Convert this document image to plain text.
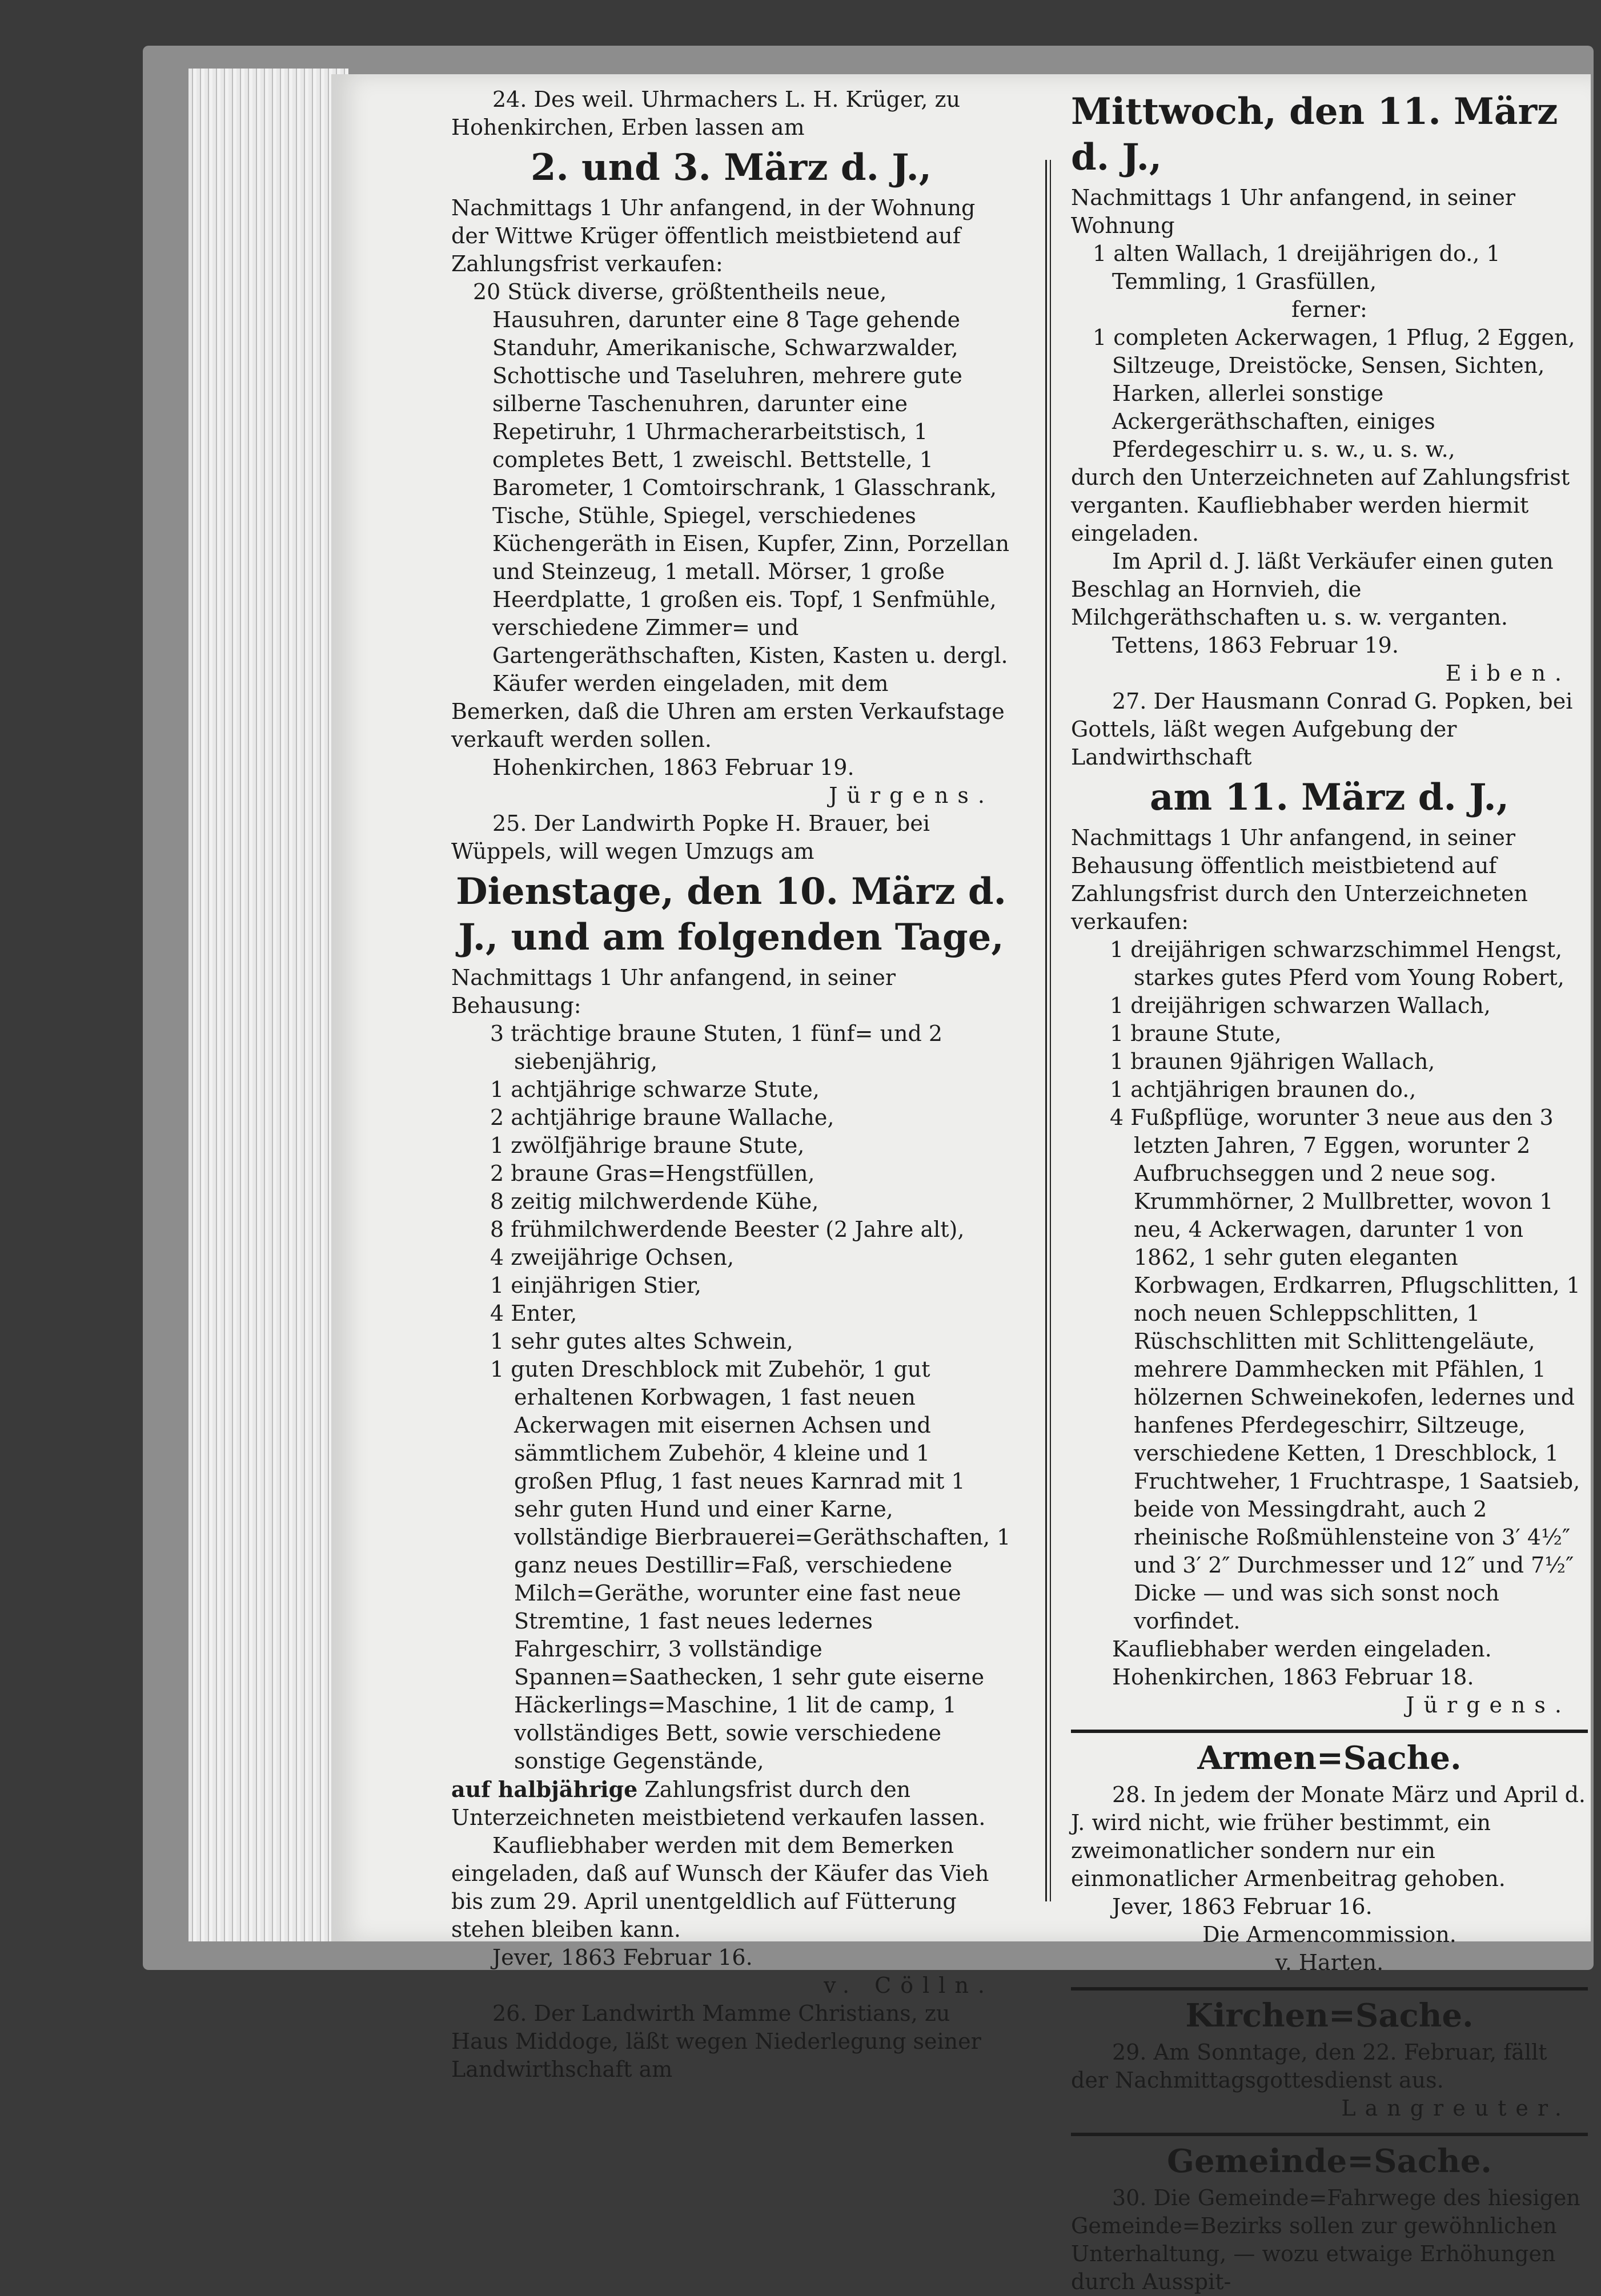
24. Des weil. Uhrmachers L. H. Krüger, zu Hohenkirchen, Erben lassen am

2. und 3. März d. J.,

Nachmittags 1 Uhr anfangend, in der Wohnung der Wittwe Krüger öffentlich meistbietend auf Zahlungsfrist verkaufen:

20 Stück diverse, größtentheils neue, Hausuhren, darunter eine 8 Tage gehende Standuhr, Amerikanische, Schwarzwalder, Schottische und Taseluhren, mehrere gute silberne Taschenuhren, darunter eine Repetiruhr, 1 Uhrmacherarbeitstisch, 1 completes Bett, 1 zweischl. Bettstelle, 1 Barometer, 1 Comtoirschrank, 1 Glasschrank, Tische, Stühle, Spiegel, verschiedenes Küchengeräth in Eisen, Kupfer, Zinn, Porzellan und Steinzeug, 1 metall. Mörser, 1 große Heerdplatte, 1 großen eis. Topf, 1 Senfmühle, verschiedene Zimmer= und Gartengeräthschaften, Kisten, Kasten u. dergl.

Käufer werden eingeladen, mit dem Bemerken, daß die Uhren am ersten Verkaufstage verkauft werden sollen.

Hohenkirchen, 1863 Februar 19.

Jürgens.

25. Der Landwirth Popke H. Brauer, bei Wüppels, will wegen Umzugs am

Dienstage, den 10. März d. J., und am folgenden Tage,

Nachmittags 1 Uhr anfangend, in seiner Behausung:

3 trächtige braune Stuten, 1 fünf= und 2 siebenjährig,

1 achtjährige schwarze Stute,

2 achtjährige braune Wallache,

1 zwölfjährige braune Stute,

2 braune Gras=Hengstfüllen,

8 zeitig milchwerdende Kühe,

8 frühmilchwerdende Beester (2 Jahre alt),

4 zweijährige Ochsen,

1 einjährigen Stier,

4 Enter,

1 sehr gutes altes Schwein,

1 guten Dreschblock mit Zubehör, 1 gut erhaltenen Korbwagen, 1 fast neuen Ackerwagen mit eisernen Achsen und sämmtlichem Zubehör, 4 kleine und 1 großen Pflug, 1 fast neues Karnrad mit 1 sehr guten Hund und einer Karne, vollständige Bierbrauerei=Geräthschaften, 1 ganz neues Destillir=Faß, verschiedene Milch=Geräthe, worunter eine fast neue Stremtine, 1 fast neues ledernes Fahrgeschirr, 3 vollständige Spannen=Saathecken, 1 sehr gute eiserne Häckerlings=Maschine, 1 lit de camp, 1 vollständiges Bett, sowie verschiedene sonstige Gegenstände,

auf halbjährige Zahlungsfrist durch den Unterzeichneten meistbietend verkaufen lassen.

Kaufliebhaber werden mit dem Bemerken eingeladen, daß auf Wunsch der Käufer das Vieh bis zum 29. April unentgeldlich auf Fütterung stehen bleiben kann.

Jever, 1863 Februar 16.

v. Cölln.

26. Der Landwirth Mamme Christians, zu Haus Middoge, läßt wegen Niederlegung seiner Landwirthschaft am

Mittwoch, den 11. März d. J.,

Nachmittags 1 Uhr anfangend, in seiner Wohnung

1 alten Wallach, 1 dreijährigen do., 1 Temmling, 1 Grasfüllen,

ferner:

1 completen Ackerwagen, 1 Pflug, 2 Eggen, Siltzeuge, Dreistöcke, Sensen, Sichten, Harken, allerlei sonstige Ackergeräthschaften, einiges Pferdegeschirr u. s. w., u. s. w.,

durch den Unterzeichneten auf Zahlungsfrist verganten. Kaufliebhaber werden hiermit eingeladen.

Im April d. J. läßt Verkäufer einen guten Beschlag an Hornvieh, die Milchgeräthschaften u. s. w. verganten.

Tettens, 1863 Februar 19.

Eiben.

27. Der Hausmann Conrad G. Popken, bei Gottels, läßt wegen Aufgebung der Landwirthschaft

am 11. März d. J.,

Nachmittags 1 Uhr anfangend, in seiner Behausung öffentlich meistbietend auf Zahlungsfrist durch den Unterzeichneten verkaufen:

1 dreijährigen schwarzschimmel Hengst, starkes gutes Pferd vom Young Robert,

1 dreijährigen schwarzen Wallach,

1 braune Stute,

1 braunen 9jährigen Wallach,

1 achtjährigen braunen do.,

4 Fußpflüge, worunter 3 neue aus den 3 letzten Jahren, 7 Eggen, worunter 2 Aufbruchseggen und 2 neue sog. Krummhörner, 2 Mullbretter, wovon 1 neu, 4 Ackerwagen, darunter 1 von 1862, 1 sehr guten eleganten Korbwagen, Erdkarren, Pflugschlitten, 1 noch neuen Schleppschlitten, 1 Rüschschlitten mit Schlittengeläute, mehrere Dammhecken mit Pfählen, 1 hölzernen Schweinekofen, ledernes und hanfenes Pferdegeschirr, Siltzeuge, verschiedene Ketten, 1 Dreschblock, 1 Fruchtweher, 1 Fruchtraspe, 1 Saatsieb, beide von Messingdraht, auch 2 rheinische Roßmühlensteine von 3′ 4½″ und 3′ 2″ Durchmesser und 12″ und 7½″ Dicke — und was sich sonst noch vorfindet.

Kaufliebhaber werden eingeladen.

Hohenkirchen, 1863 Februar 18.

Jürgens.

Armen=Sache.

28. In jedem der Monate März und April d. J. wird nicht, wie früher bestimmt, ein zweimonatlicher sondern nur ein einmonatlicher Armenbeitrag gehoben.

Jever, 1863 Februar 16.

Die Armencommission.

v. Harten.

Kirchen=Sache.

29. Am Sonntage, den 22. Februar, fällt der Nachmittagsgottesdienst aus.

Langreuter.

Gemeinde=Sache.

30. Die Gemeinde=Fahrwege des hiesigen Gemeinde=Bezirks sollen zur gewöhnlichen Unterhaltung, — wozu etwaige Erhöhungen durch Ausspit-
